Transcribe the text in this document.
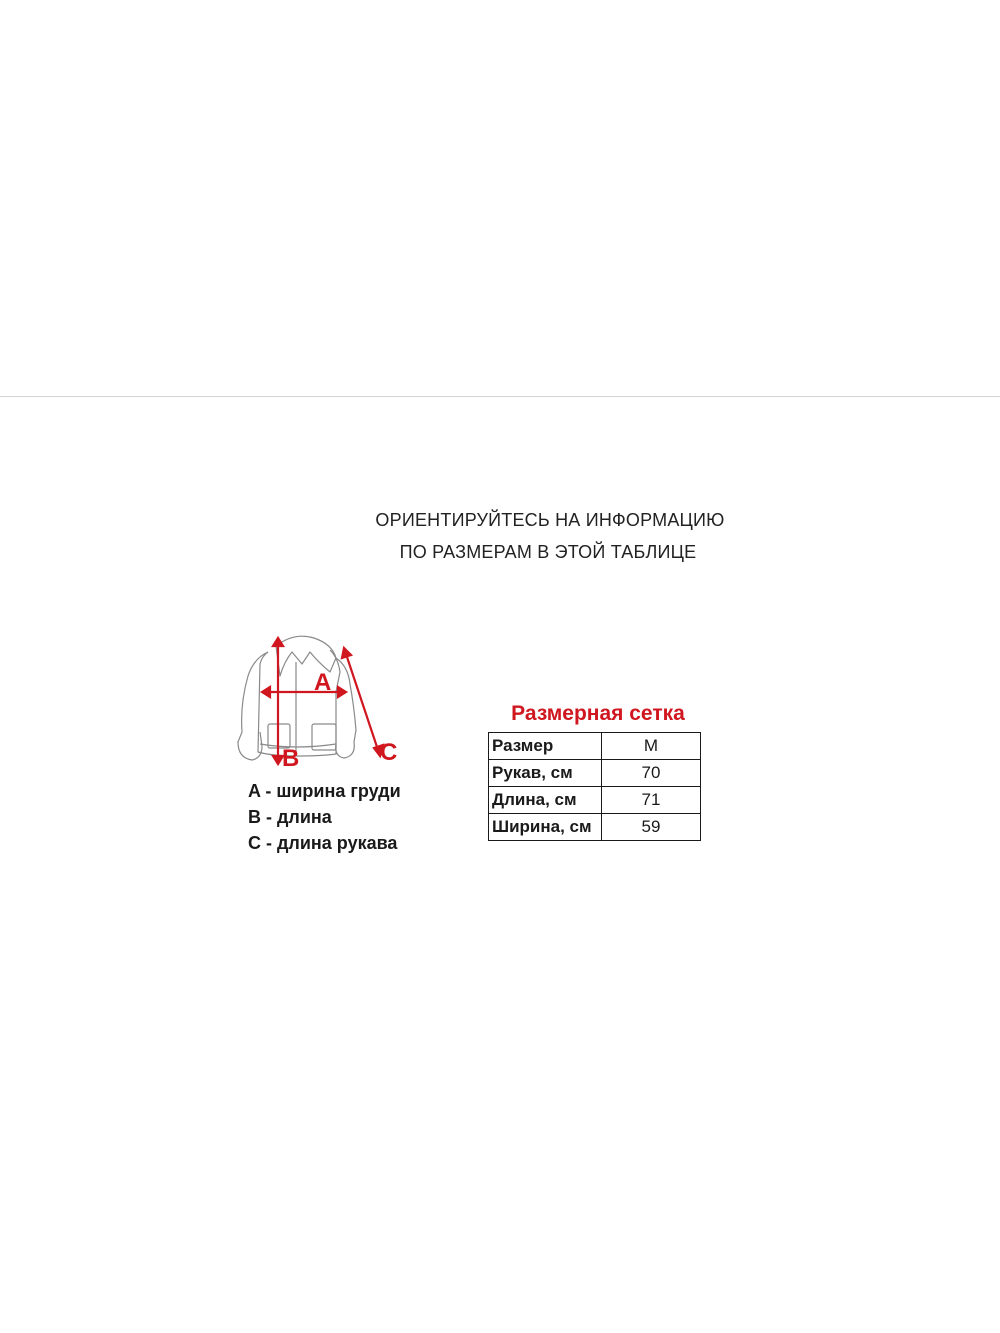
ОРИЕНТИРУЙТЕСЬ НА ИНФОРМАЦИЮ
ПО РАЗМЕРАМ В ЭТОЙ ТАБЛИЦЕ
A
B	C
A - ширина груди
B - длина
C - длина рукава
Размерная сетка
Размер	M
Рукав, см	70
Длина, см	71
Ширина, см	59
